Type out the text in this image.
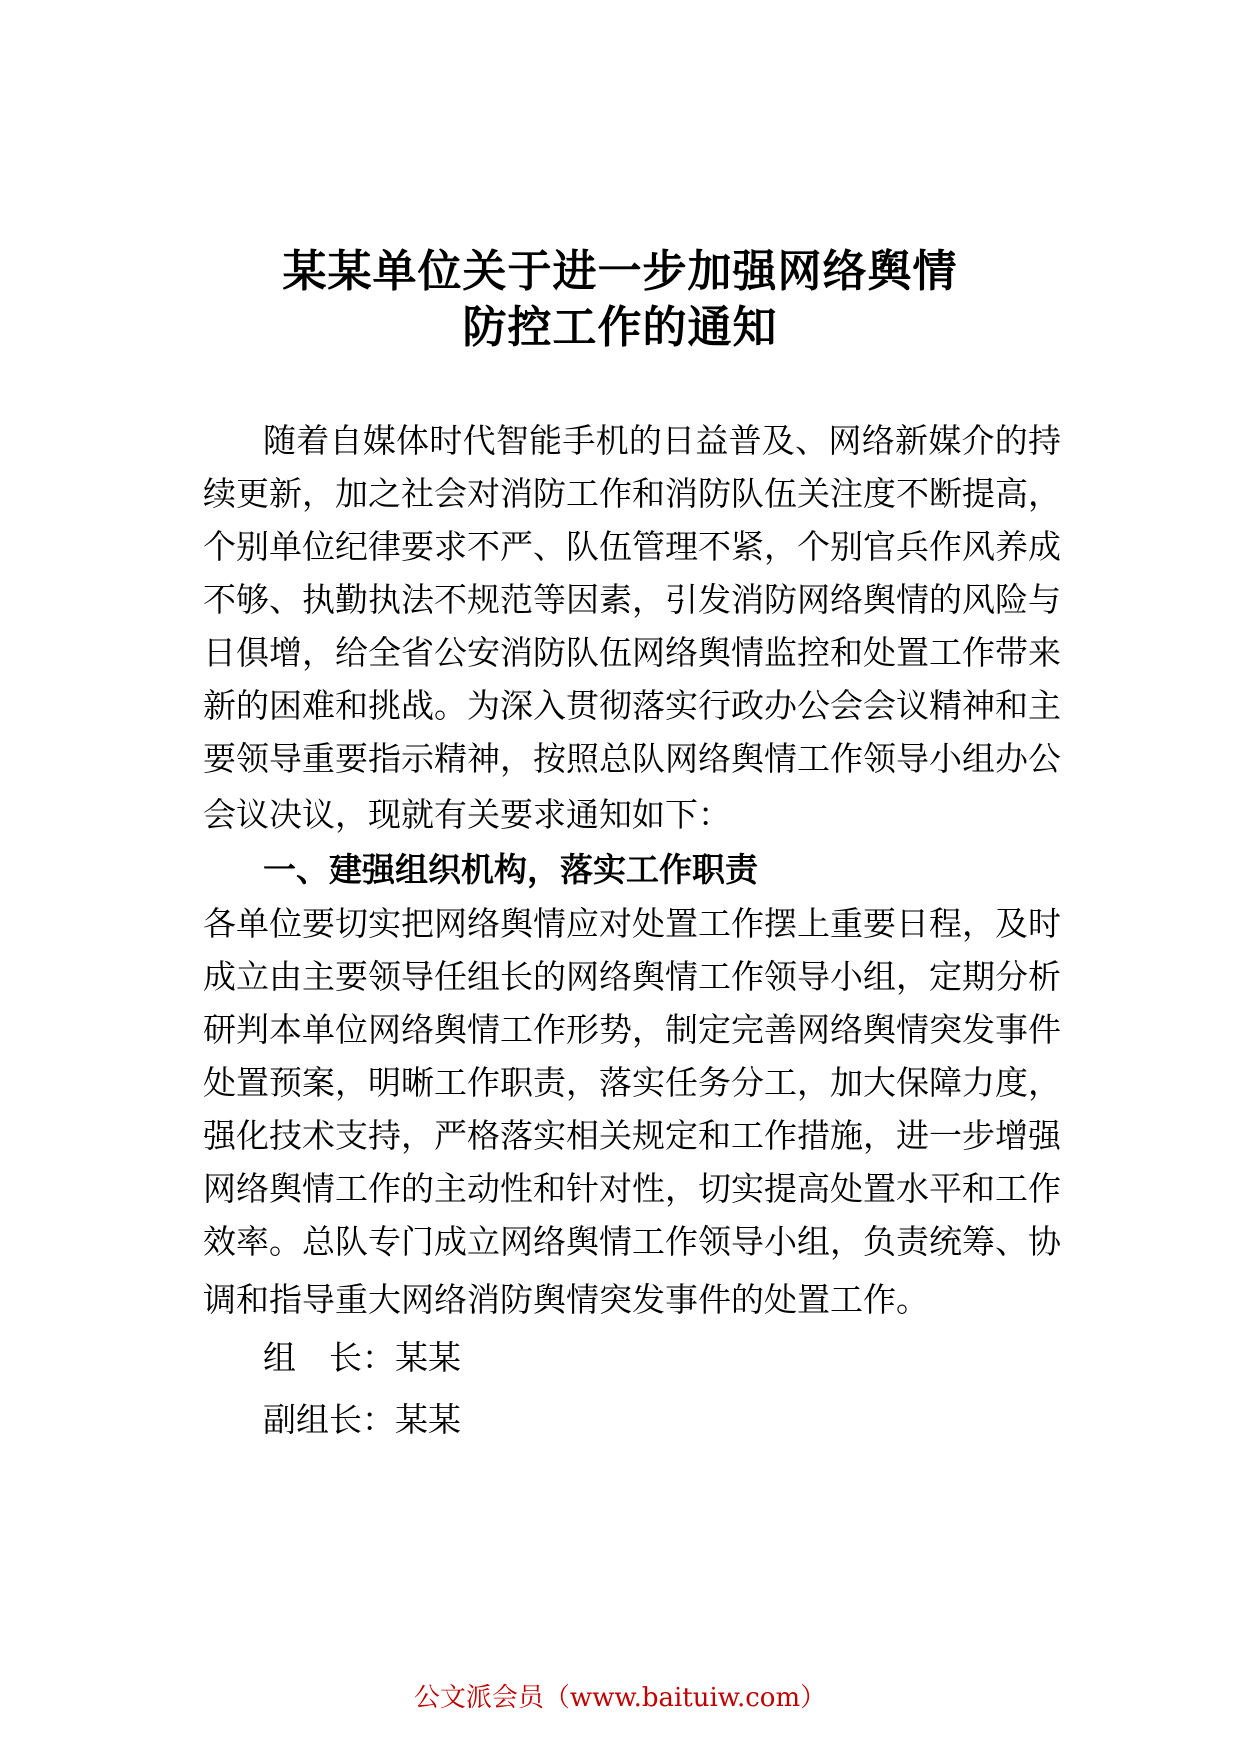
某某单位关于进一步加强网络舆情
防控工作的通知
随着自媒体时代智能手机的日益普及、网络新媒介的持
续更新，加之社会对消防工作和消防队伍关注度不断提高，
个别单位纪律要求不严、队伍管理不紧，个别官兵作风养成
不够、执勤执法不规范等因素，引发消防网络舆情的风险与
日俱增，给全省公安消防队伍网络舆情监控和处置工作带来
新的困难和挑战。为深入贯彻落实行政办公会会议精神和主
要领导重要指示精神，按照总队网络舆情工作领导小组办公
会议决议，现就有关要求通知如下：
一、建强组织机构，落实工作职责
各单位要切实把网络舆情应对处置工作摆上重要日程，及时
成立由主要领导任组长的网络舆情工作领导小组，定期分析
研判本单位网络舆情工作形势，制定完善网络舆情突发事件
处置预案，明晰工作职责，落实任务分工，加大保障力度，
强化技术支持，严格落实相关规定和工作措施，进一步增强
网络舆情工作的主动性和针对性，切实提高处置水平和工作
效率。总队专门成立网络舆情工作领导小组，负责统筹、协
调和指导重大网络消防舆情突发事件的处置工作。
组　长：某某
副组长：某某
公文派会员（www.baituiw.com）
